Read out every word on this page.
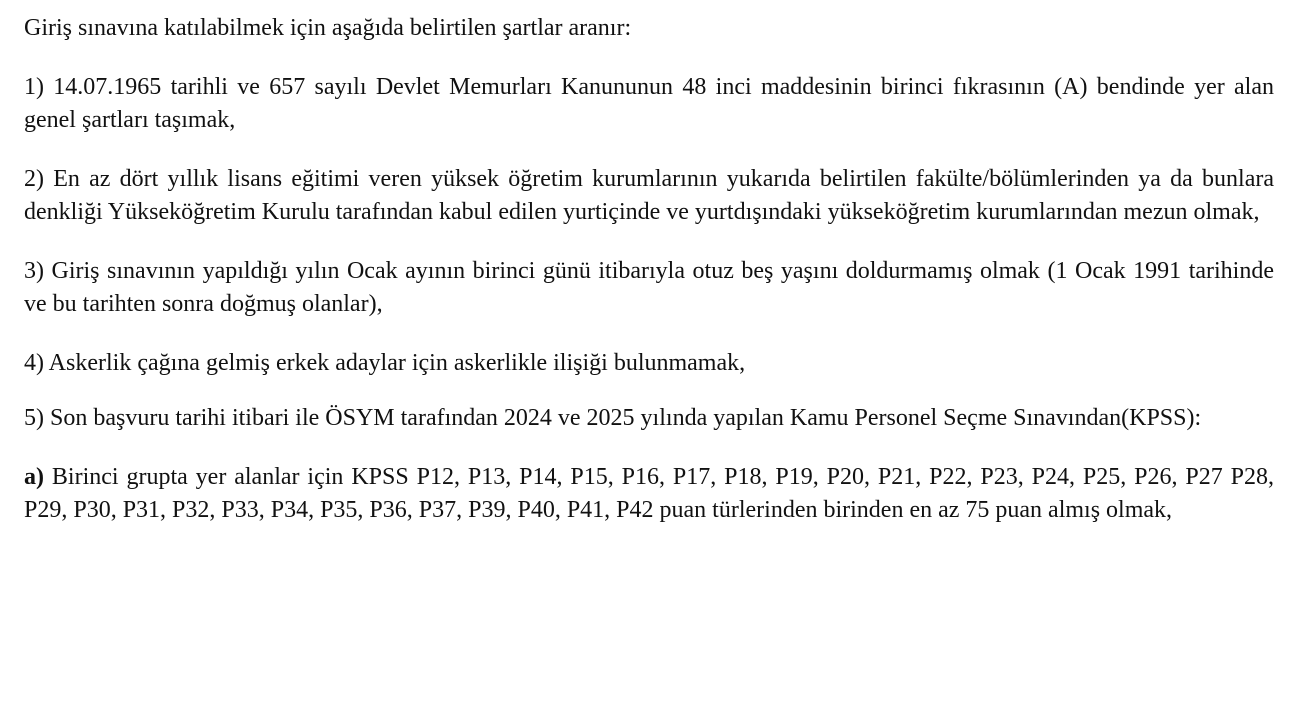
Giriş sınavına katılabilmek için aşağıda belirtilen şartlar aranır:

1) 14.07.1965 tarihli ve 657 sayılı Devlet Memurları Kanununun 48 inci maddesinin birinci fıkrasının (A) bendinde yer alan genel şartları taşımak,

2) En az dört yıllık lisans eğitimi veren yüksek öğretim kurumlarının yukarıda belirtilen fakülte/bölümlerinden ya da bunlara denkliği Yükseköğretim Kurulu tarafından kabul edilen yurtiçinde ve yurtdışındaki yükseköğretim kurumlarından mezun olmak,

3) Giriş sınavının yapıldığı yılın Ocak ayının birinci günü itibarıyla otuz beş yaşını doldurmamış olmak (1 Ocak 1991 tarihinde ve bu tarihten sonra doğmuş olanlar),

4) Askerlik çağına gelmiş erkek adaylar için askerlikle ilişiği bulunmamak,

5) Son başvuru tarihi itibari ile ÖSYM tarafından 2024 ve 2025 yılında yapılan Kamu Personel Seçme Sınavından(KPSS):

a) Birinci grupta yer alanlar için KPSS P12, P13, P14, P15, P16, P17, P18, P19, P20, P21, P22, P23, P24, P25, P26, P27 P28, P29, P30, P31, P32, P33, P34, P35, P36, P37, P39, P40, P41, P42 puan türlerinden birinden en az 75 puan almış olmak,
